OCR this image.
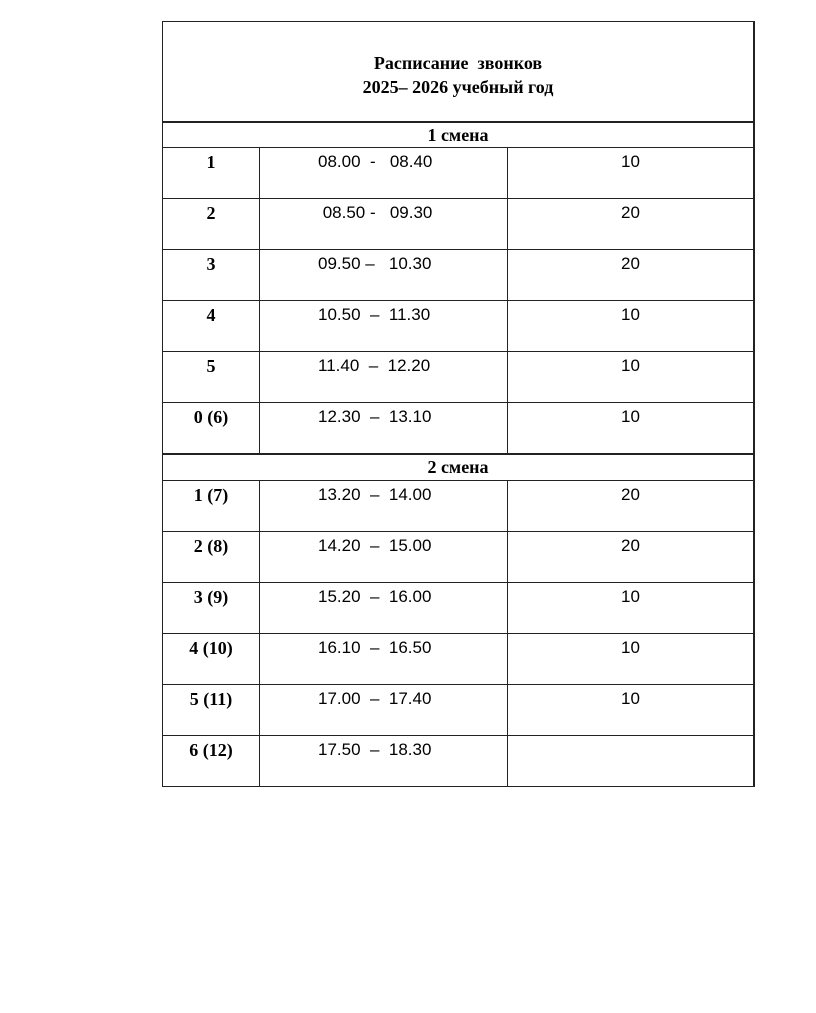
Расписание  звонков
2025– 2026 учебный год
1 смена
1	08.00  -   08.40	10
2	08.50 -   09.30	20
3	09.50 –   10.30	20
4	10.50  –  11.30	10
5	11.40  –  12.20	10
0 (6)	12.30  –  13.10	10
2 смена
1 (7)	13.20  –  14.00	20
2 (8)	14.20  –  15.00	20
3 (9)	15.20  –  16.00	10
4 (10)	16.10  –  16.50	10
5 (11)	17.00  –  17.40	10
6 (12)	17.50  –  18.30
